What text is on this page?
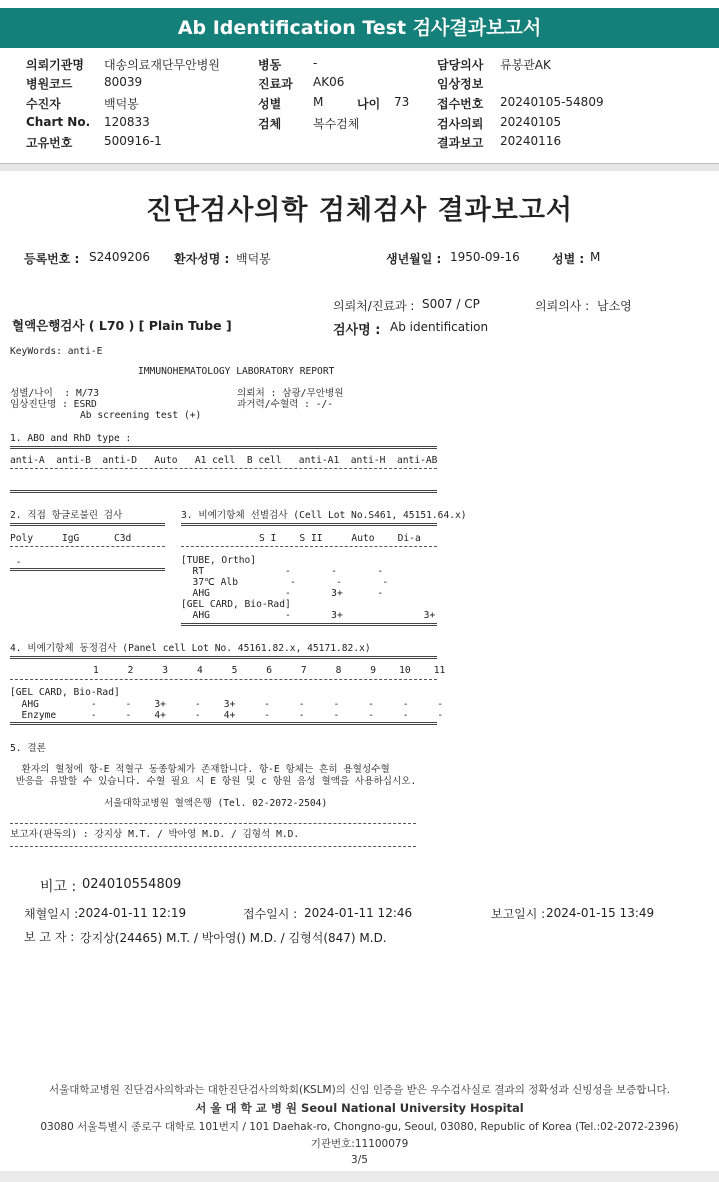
Ab Identification Test 검사결과보고서
의뢰기관명 대송의료재단무안병원
병원코드	80039
수진자	백덕봉
Chart No. 120833
고유번호	500916-1
병동	-
진료과 AK06
성별	M	나이 73
검체	복수검체
담당의사 류봉관AK
임상정보
접수번호 20240105-54809
검사의뢰 20240105
결과보고 20240116
진단검사의학 검체검사 결과보고서
등록번호 : S2409206 환자성명 : 백덕봉	생년월일 : 1950-09-16	성별 : M
의뢰처/진료과 : S007 / CP	의뢰의사 : 남소영
혈액은행검사 ( L70 ) [ Plain Tube ]	검사명 : Ab identification
KeyWords: anti-E
IMMUNOHEMATOLOGY LABORATORY REPORT
성별/나이  : M/73
임상진단명 : ESRD
Ab screening test (+)
의뢰처 : 삼광/무안병원
과거력/수혈력 : -/-
1. ABO and RhD type :
anti-A  anti-B  anti-D   Auto   A1 cell  B cell   anti-A1  anti-H  anti-AB
2. 직접 항글로불린 검사
Poly     IgG      C3d
-
3. 비예기항체 선별검사 (Cell Lot No.S461, 45151.64.x)
S I    S II     Auto    Di-a
[TUBE, Ortho]
RT              -       -       -
37℃ Alb         -       -       -
AHG             -       3+      -
[GEL CARD, Bio-Rad]
AHG             -       3+              3+
4. 비예기항체 동정검사 (Panel cell Lot No. 45161.82.x, 45171.82.x)
1     2     3     4     5     6     7     8     9    10    11
[GEL CARD, Bio-Rad]
AHG         -     -    3+     -    3+     -     -     -     -     -     -
Enzyme      -     -    4+     -    4+     -     -     -     -     -     -
5. 결론
환자의 혈청에 항-E 적혈구 동종항체가 존재합니다. 항-E 항체는 흔히 용혈성수혈
반응을 유발할 수 있습니다. 수혈 필요 시 E 항원 및 c 항원 음성 혈액을 사용하십시오.
서울대학교병원 혈액은행 (Tel. 02-2072-2504)
보고자(판독의) : 강지상 M.T. / 박아영 M.D. / 김형석 M.D.
비고 : 024010554809
채혈일시 : 2024-01-11 12:19	접수일시 : 2024-01-11 12:46	보고일시 : 2024-01-15 13:49
보 고 자 : 강지상(24465) M.T. / 박아영() M.D. / 김형석(847) M.D.
서울대학교병원 진단검사의학과는 대한진단검사의학회(KSLM)의 신임 인증을 받은 우수검사실로 결과의 정확성과 신빙성을 보증합니다.
서 울 대 학 교 병 원 Seoul National University Hospital
03080 서울특별시 종로구 대학로 101번지 / 101 Daehak-ro, Chongno-gu, Seoul, 03080, Republic of Korea (Tel.:02-2072-2396)
기관번호:11100079
3/5
